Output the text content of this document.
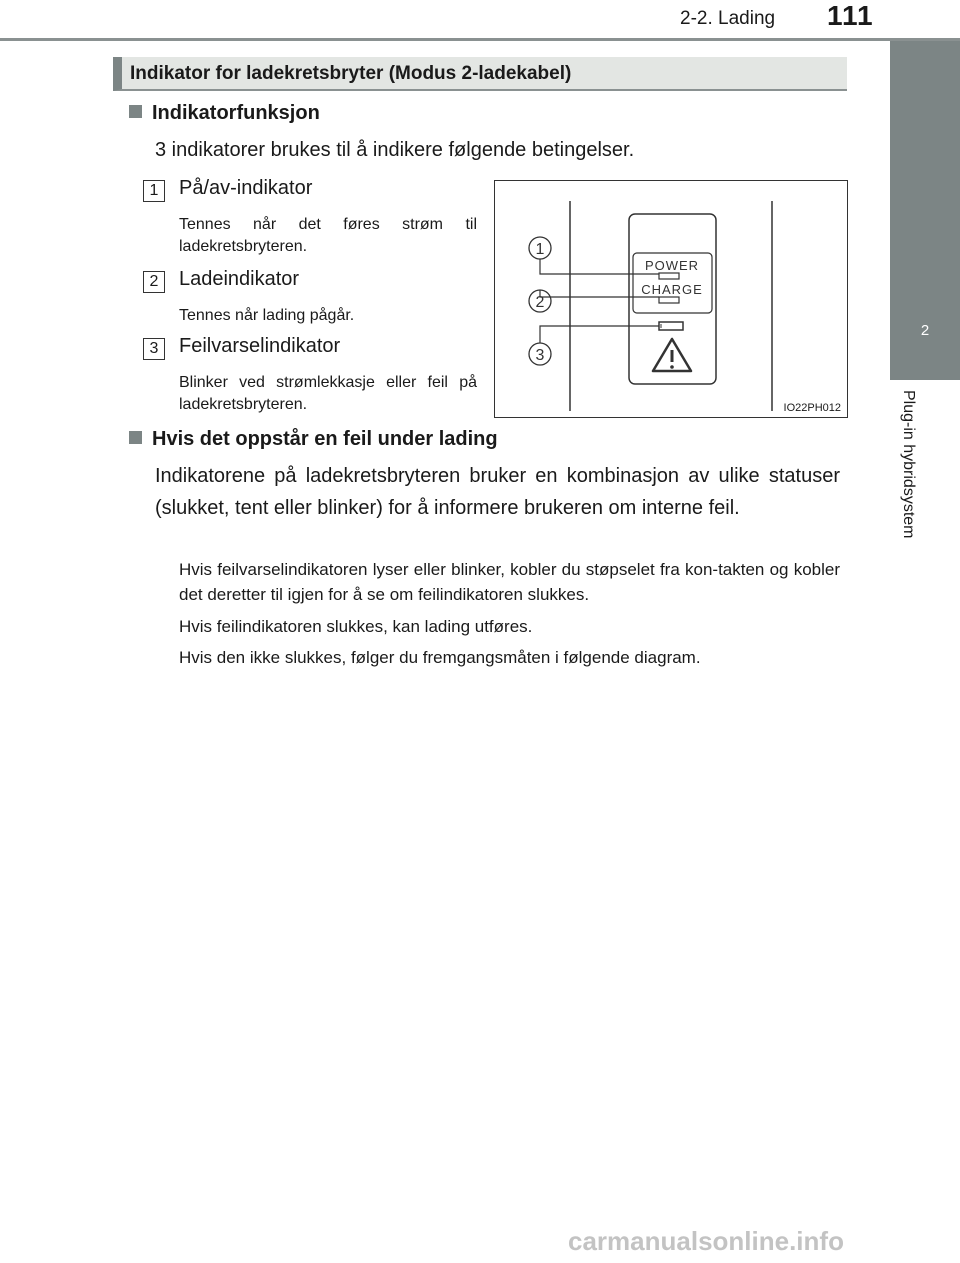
2-2. Lading 111
2
Plug-in hybridsystem
Indikator for ladekretsbryter (Modus 2-ladekabel)
Indikatorfunksjon
3 indikatorer brukes til å indikere følgende betingelser.
1	På/av-indikator
Tennes når det føres strøm til ladekretsbryteren.
2	Ladeindikator
Tennes når lading pågår.
3	Feilvarselindikator
Blinker ved strømlekkasje eller feil på ladekretsbryteren.
1
2
3
POWER
CHARGE
IO22PH012
Hvis det oppstår en feil under lading
Indikatorene på ladekretsbryteren bruker en kombinasjon av ulike statuser (slukket, tent eller blinker) for å informere brukeren om interne feil.
Hvis feilvarselindikatoren lyser eller blinker, kobler du støpselet fra kon-takten og kobler det deretter til igjen for å se om feilindikatoren slukkes.
Hvis feilindikatoren slukkes, kan lading utføres.
Hvis den ikke slukkes, følger du fremgangsmåten i følgende diagram.
carmanualsonline.info
